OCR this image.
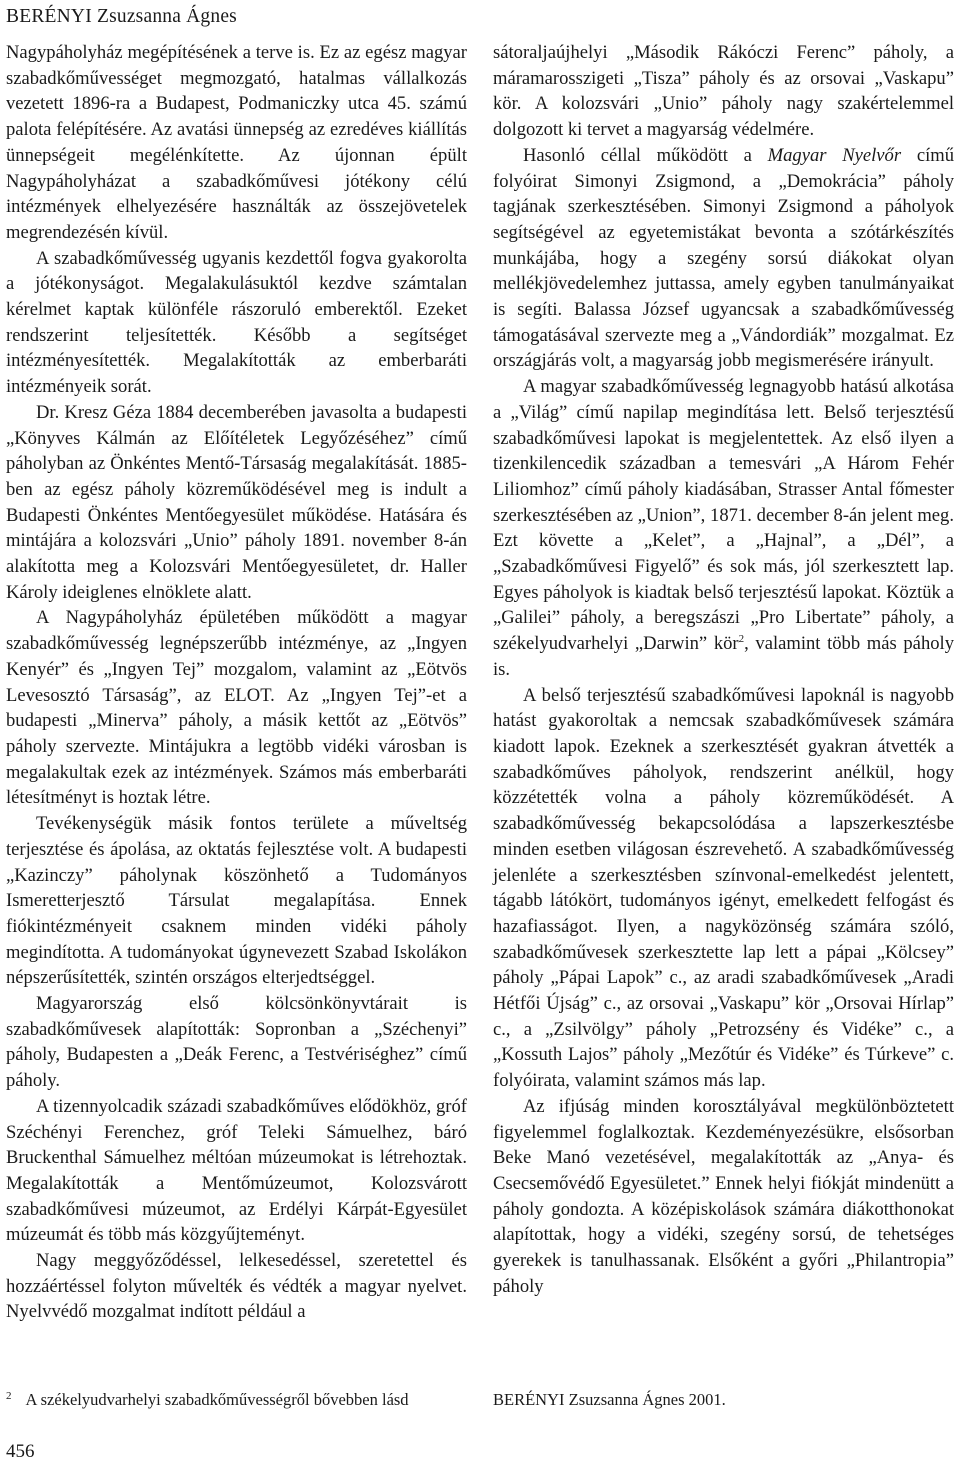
BERÉNYI Zsuzsanna Ágnes

Nagypáholyház megépítésének a terve is. Ez az egész magyar szabadkőművességet megmozgató, hatalmas vállalkozás vezetett 1896-ra a Budapest, Podmaniczky utca 45. számú palota felépítésére. Az avatási ünnepség az ezredéves kiállítás ünnepségeit megélénkítette. Az újonnan épült Nagypáholyházat a szabadkőművesi jótékony célú intézmények elhelyezésére használták az összejövetelek megrendezésén kívül.

A szabadkőművesség ugyanis kezdettől fogva gyakorolta a jótékonyságot. Megalakulásuktól kezdve számtalan kérelmet kaptak különféle rászoruló emberektől. Ezeket rendszerint teljesítették. Később a segítséget intézményesítették. Megalakították az emberbaráti intézményeik sorát.

Dr. Kresz Géza 1884 decemberében javasolta a budapesti „Könyves Kálmán az Előítéletek Legyőzéséhez” című páholyban az Önkéntes Mentő-Társaság megalakítását. 1885-ben az egész páholy közreműködésével meg is indult a Budapesti Önkéntes Mentőegyesület működése. Hatására és mintájára a kolozsvári „Unio” páholy 1891. november 8-án alakította meg a Kolozsvári Mentőegyesületet, dr. Haller Károly ideiglenes elnöklete alatt.

A Nagypáholyház épületében működött a magyar szabadkőművesség legnépszerűbb intézménye, az „Ingyen Kenyér” és „Ingyen Tej” mozgalom, valamint az „Eötvös Levesosztó Társaság”, az ELOT. Az „Ingyen Tej”-et a budapesti „Minerva” páholy, a másik kettőt az „Eötvös” páholy szervezte. Mintájukra a legtöbb vidéki városban is megalakultak ezek az intézmények. Számos más emberbaráti létesítményt is hoztak létre.

Tevékenységük másik fontos területe a műveltség terjesztése és ápolása, az oktatás fejlesztése volt. A budapesti „Kazinczy” páholynak köszönhető a Tudományos Ismeretterjesztő Társulat megalapítása. Ennek fiókintézményeit csaknem minden vidéki páholy megindította. A tudományokat úgynevezett Szabad Iskolákon népszerűsítették, szintén országos elterjedtséggel.

Magyarország első kölcsönkönyvtárait is szabadkőművesek alapították: Sopronban a „Széchenyi” páholy, Budapesten a „Deák Ferenc, a Testvériséghez” című páholy.

A tizennyolcadik századi szabadkőműves elődökhöz, gróf Széchényi Ferenchez, gróf Teleki Sámuelhez, báró Bruckenthal Sámuelhez méltóan múzeumokat is létrehoztak. Megalakították a Mentőmúzeumot, Kolozsvárott szabadkőművesi múzeumot, az Erdélyi Kárpát-Egyesület múzeumát és több más közgyűjteményt.

Nagy meggyőződéssel, lelkesedéssel, szeretettel és hozzáértéssel folyton művelték és védték a magyar nyelvet. Nyelvvédő mozgalmat indított például a

sátoraljaújhelyi „Második Rákóczi Ferenc” páholy, a máramarosszigeti „Tisza” páholy és az orsovai „Vaskapu” kör. A kolozsvári „Unio” páholy nagy szakértelemmel dolgozott ki tervet a magyarság védelmére.

Hasonló céllal működött a Magyar Nyelvőr című folyóirat Simonyi Zsigmond, a „Demokrácia” páholy tagjának szerkesztésében. Simonyi Zsigmond a páholyok segítségével az egyetemistákat bevonta a szótárkészítés munkájába, hogy a szegény sorsú diákokat olyan mellékjövedelemhez juttassa, amely egyben tanulmányaikat is segíti. Balassa József ugyancsak a szabadkőművesség támogatásával szervezte meg a „Vándordiák” mozgalmat. Ez országjárás volt, a magyarság jobb megismerésére irányult.

A magyar szabadkőművesség legnagyobb hatású alkotása a „Világ” című napilap megindítása lett. Belső terjesztésű szabadkőművesi lapokat is megjelentettek. Az első ilyen a tizenkilencedik században a temesvári „A Három Fehér Liliomhoz” című páholy kiadásában, Strasser Antal főmester szerkesztésében az „Unionˮ, 1871. december 8-án jelent meg. Ezt követte a „Kelet”, a „Hajnal”, a „Dél”, a „Szabadkőművesi Figyelő” és sok más, jól szerkesztett lap. Egyes páholyok is kiadtak belső terjesztésű lapokat. Köztük a „Galilei” páholy, a beregszászi „Pro Libertate” páholy, a székelyudvarhelyi „Darwin” kör$^2$, valamint több más páholy is.

A belső terjesztésű szabadkőművesi lapoknál is nagyobb hatást gyakoroltak a nemcsak szabadkőművesek számára kiadott lapok. Ezeknek a szerkesztését gyakran átvették a szabadkőműves páholyok, rendszerint anélkül, hogy közzétették volna a páholy közreműködését. A szabadkőművesség bekapcsolódása a lapszerkesztésbe minden esetben világosan észrevehető. A szabadkőművesség jelenléte a szerkesztésben színvonal-emelkedést jelentett, tágabb látókört, tudományos igényt, emelkedett felfogást és hazafiasságot. Ilyen, a nagyközönség számára szóló, szabadkőművesek szerkesztette lap lett a pápai „Kölcsey” páholy „Pápai Lapok” c., az aradi szabadkőművesek „Aradi Hétfői Újság” c., az orsovai „Vaskapu” kör „Orsovai Hírlap” c., a „Zsilvölgy” páholy „Petrozsény és Vidéke” c., a „Kossuth Lajos” páholy „Mezőtúr és Vidéke” és Túrkeve” c. folyóirata, valamint számos más lap.

Az ifjúság minden korosztályával megkülönböztetett figyelemmel foglalkoztak. Kezdeményezésükre, elsősorban Beke Manó vezetésével, megalakították az „Anya- és Csecsemővédő Egyesületet.” Ennek helyi fiókját mindenütt a páholy gondozta. A középiskolások számára diákotthonokat alapítottak, hogy a vidéki, szegény sorsú, de tehetséges gyerekek is tanulhassanak. Elsőként a győri „Philantropia” páholy

$^2$ A székelyudvarhelyi szabadkőművességről bővebben lásd	BERÉNYI Zsuzsanna Ágnes 2001.
456
